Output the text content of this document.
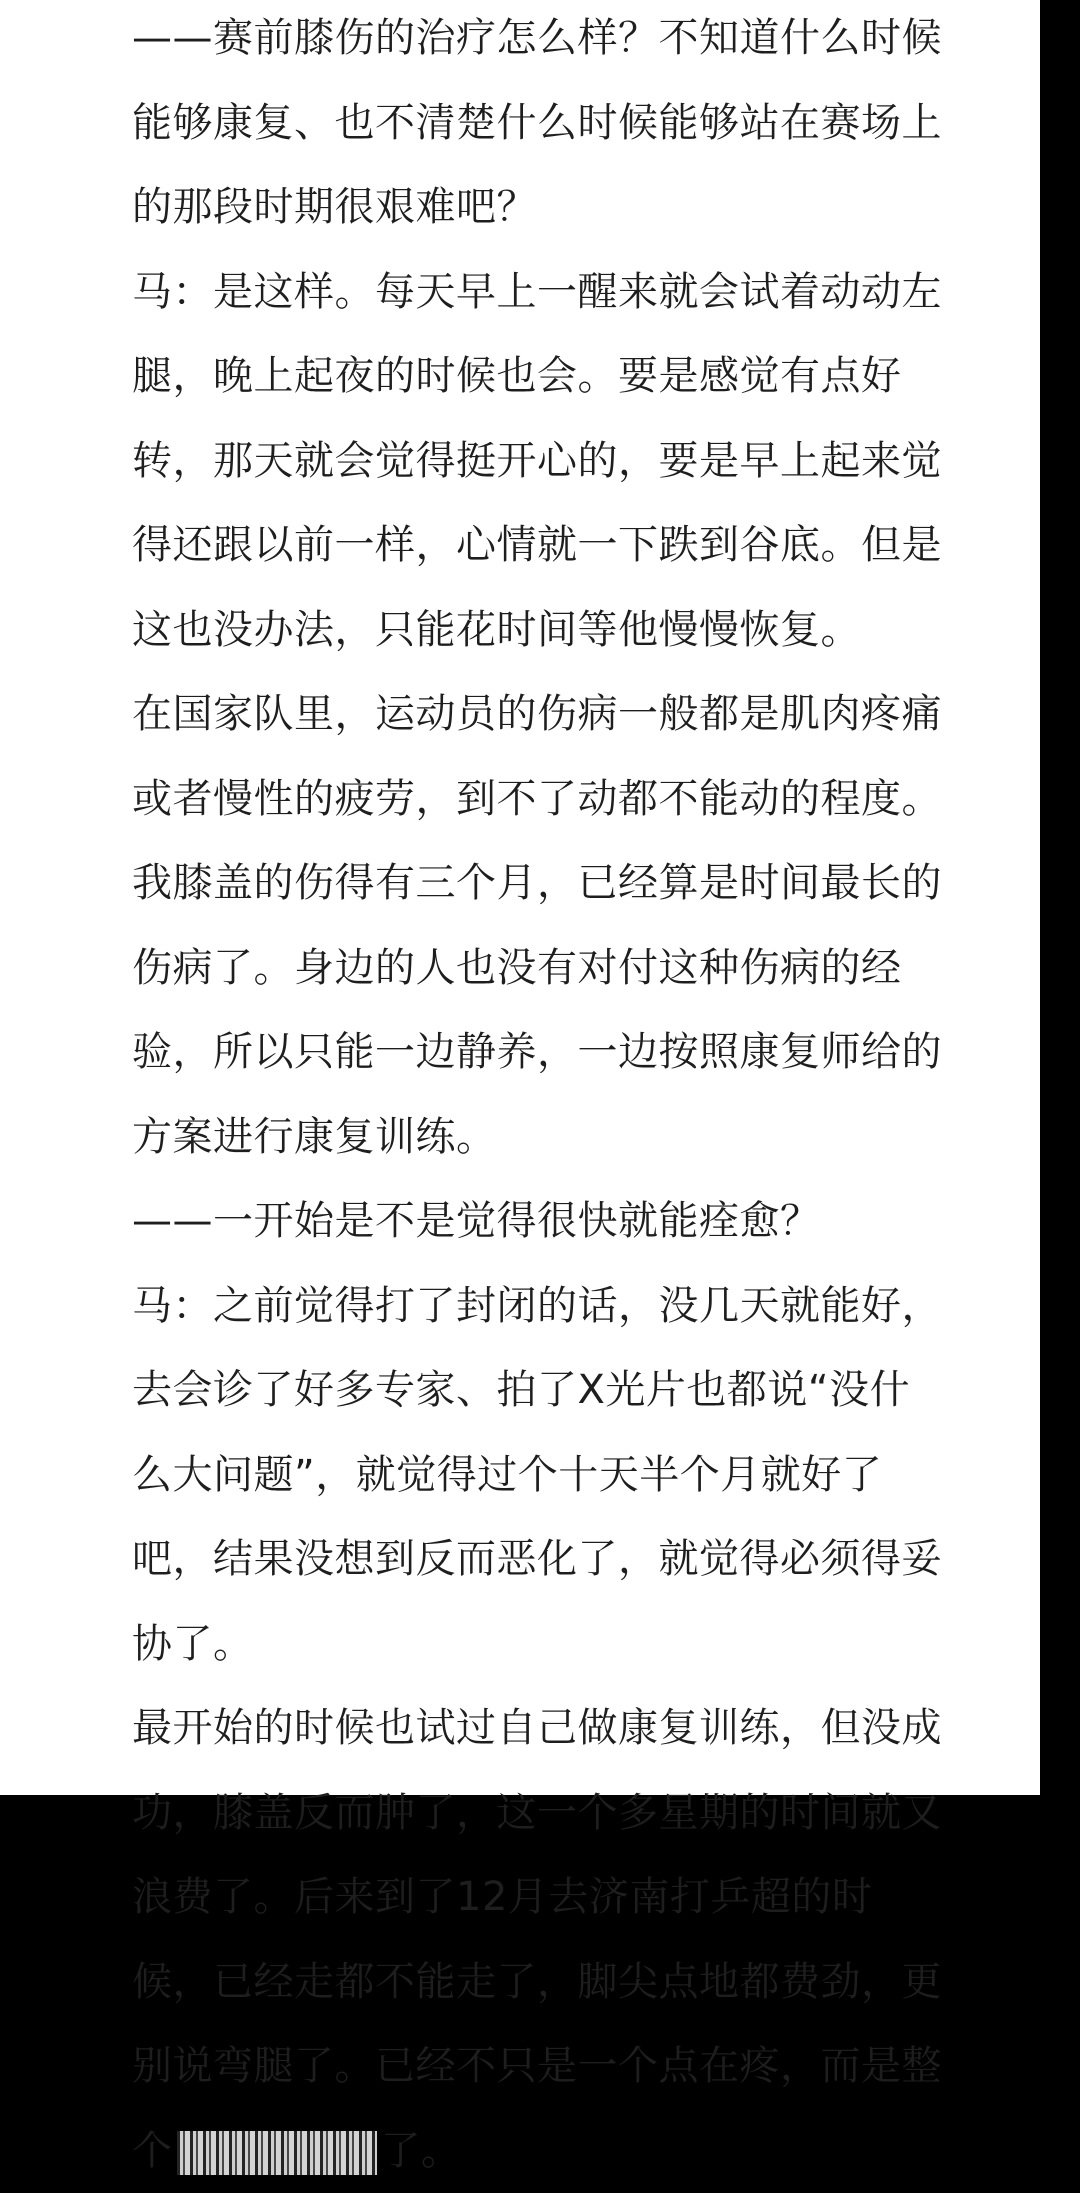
——赛前膝伤的治疗怎么样？不知道什么时候
能够康复、也不清楚什么时候能够站在赛场上
的那段时期很艰难吧？
马：是这样。每天早上一醒来就会试着动动左
腿，晚上起夜的时候也会。要是感觉有点好
转，那天就会觉得挺开心的，要是早上起来觉
得还跟以前一样，心情就一下跌到谷底。但是
这也没办法，只能花时间等他慢慢恢复。
在国家队里，运动员的伤病一般都是肌肉疼痛
或者慢性的疲劳，到不了动都不能动的程度。
我膝盖的伤得有三个月，已经算是时间最长的
伤病了。身边的人也没有对付这种伤病的经
验，所以只能一边静养，一边按照康复师给的
方案进行康复训练。
——一开始是不是觉得很快就能痊愈？
马：之前觉得打了封闭的话，没几天就能好，
去会诊了好多专家、拍了X光片也都说“没什
么大问题”，就觉得过个十天半个月就好了
吧，结果没想到反而恶化了，就觉得必须得妥
协了。
最开始的时候也试过自己做康复训练，但没成
功，膝盖反而肿了，这一个多星期的时间就又
浪费了。后来到了12月去济南打乒超的时
候，已经走都不能走了，脚尖点地都费劲，更
别说弯腿了。已经不只是一个点在疼，而是整
个	了。
